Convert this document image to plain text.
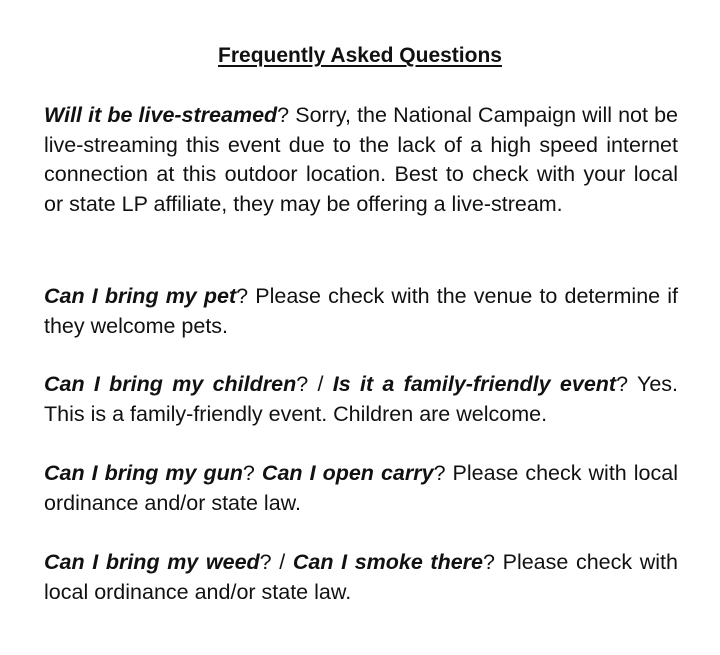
Frequently Asked Questions

Will it be live-streamed? Sorry, the National Campaign will not be live-streaming this event due to the lack of a high speed internet connection at this outdoor location. Best to check with your local or state LP affiliate, they may be offering a live-stream.

Can I bring my pet? Please check with the venue to determine if they welcome pets.

Can I bring my children? / Is it a family-friendly event? Yes. This is a family-friendly event. Children are welcome.

Can I bring my gun? Can I open carry? Please check with local ordinance and/or state law.

Can I bring my weed? / Can I smoke there? Please check with local ordinance and/or state law.
